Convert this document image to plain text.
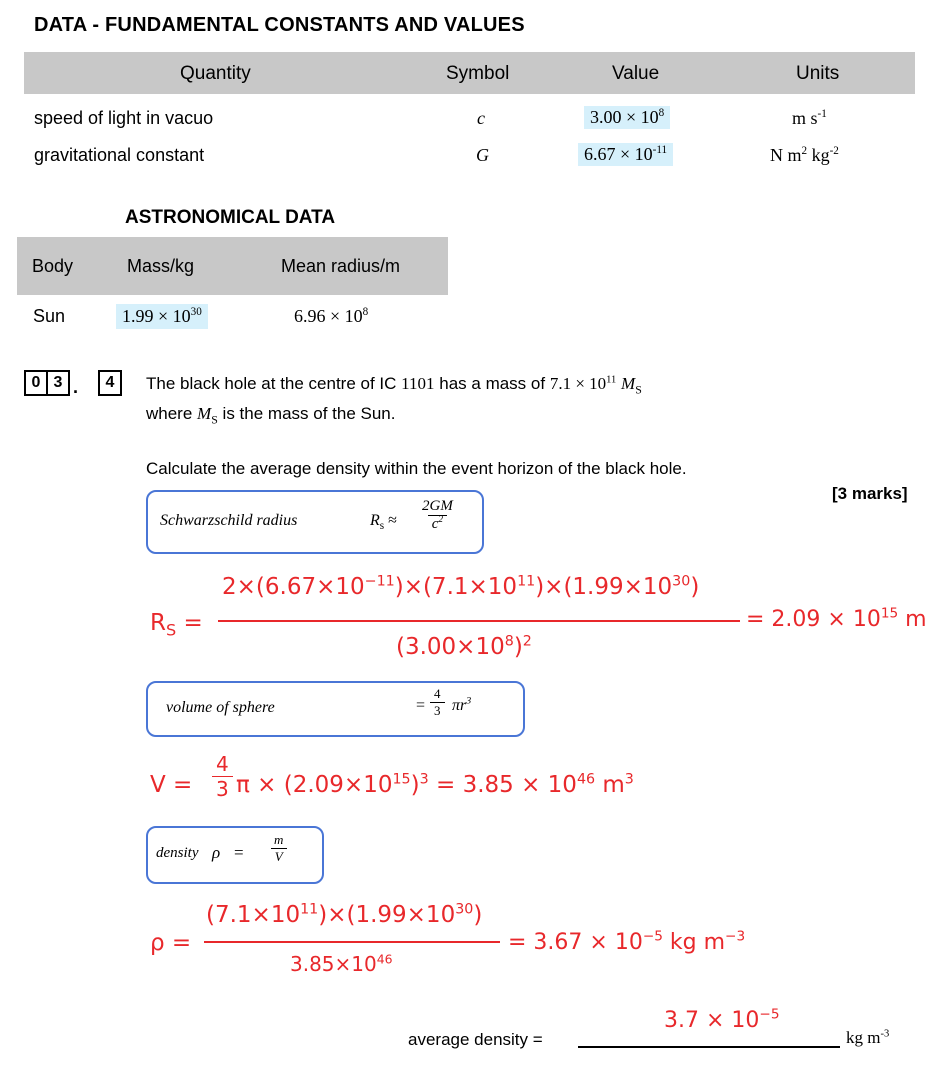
DATA - FUNDAMENTAL CONSTANTS AND VALUES
Quantity	Symbol	Value	Units
speed of light in vacuo	c	$3.00 \times 10^8$	m $s^{-1}$
gravitational constant	G	$6.67 \times 10^{-11}$	N $m^2$ $kg^{-2}$
ASTRONOMICAL DATA
Body	Mass/kg	Mean radius/m
Sun	$1.99 \times 10^{30}$	$6.96 \times 10^8$
0 3 .	4	The black hole at the centre of IC 1101 has a mass of $7.1 \times 10^{11}$ $M_S$
where $M_S$ is the mass of the Sun.
Calculate the average density within the event horizon of the black hole.
[3 marks]
Schwarzschild radius	$R_s \approx \frac{2GM}{c^2}$
$R_S$ =
$2\times(6.67\times 10^{-11})\times(7.1\times 10^{11})\times(1.99\times 10^{30})$
$(3.00\times 10^8)^2$
= $2.09 \times 10^{15}$ m
volume of sphere	= $\frac{4}{3} \pi r^3$
$V = \frac{4}{3}$ $\pi \times (2.09\times 10^{15})^3 = 3.85 \times 10^{46}$ $m^3$
density $\rho = \frac{m}{V}$
ρ =
$(7.1\times 10^{11})\times(1.99\times 10^{30})$
$3.85\times 10^{46}$
= $3.67 \times 10^{-5}$ kg $m^{-3}$
average density =
$3.7 \times 10^{-5}$
kg $m^{-3}$
